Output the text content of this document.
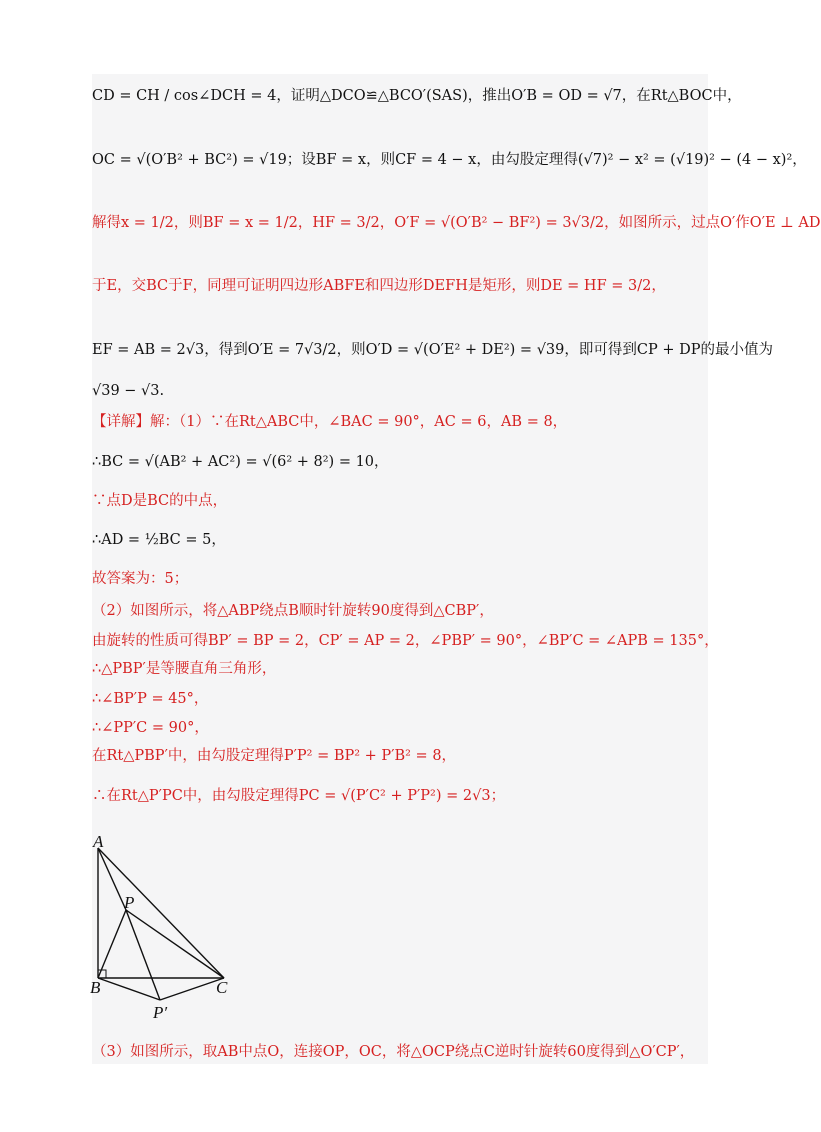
CD = CH / cos∠DCH = 4，证明△DCO≌△BCO′(SAS)，推出O′B = OD = √7，在Rt△BOC中，
OC = √(O′B² + BC²) = √19；设BF = x，则CF = 4 − x，由勾股定理得(√7)² − x² = (√19)² − (4 − x)²，
解得x = 1/2，则BF = x = 1/2，HF = 3/2，O′F = √(O′B² − BF²) = 3√3/2，如图所示，过点O′作O′E ⊥ AD
于E，交BC于F，同理可证明四边形ABFE和四边形DEFH是矩形，则DE = HF = 3/2，
EF = AB = 2√3，得到O′E = 7√3/2，则O′D = √(O′E² + DE²) = √39，即可得到CP + DP的最小值为
√39 − √3.
【详解】解：（1）∵在Rt△ABC中，∠BAC = 90°，AC = 6，AB = 8，
∴BC = √(AB² + AC²) = √(6² + 8²) = 10，
∵点D是BC的中点，
∴AD = ½BC = 5，
故答案为：5；
（2）如图所示，将△ABP绕点B顺时针旋转90度得到△CBP′，
由旋转的性质可得BP′ = BP = 2，CP′ = AP = 2，∠PBP′ = 90°，∠BP′C = ∠APB = 135°，
∴△PBP′是等腰直角三角形，
∴∠BP′P = 45°，
∴∠PP′C = 90°，
在Rt△PBP′中，由勾股定理得P′P² = BP² + P′B² = 8，
∴在Rt△P′PC中，由勾股定理得PC = √(P′C² + P′P²) = 2√3；
A
P
B	C
P′
（3）如图所示，取AB中点O，连接OP，OC，将△OCP绕点C逆时针旋转60度得到△O′CP′，
